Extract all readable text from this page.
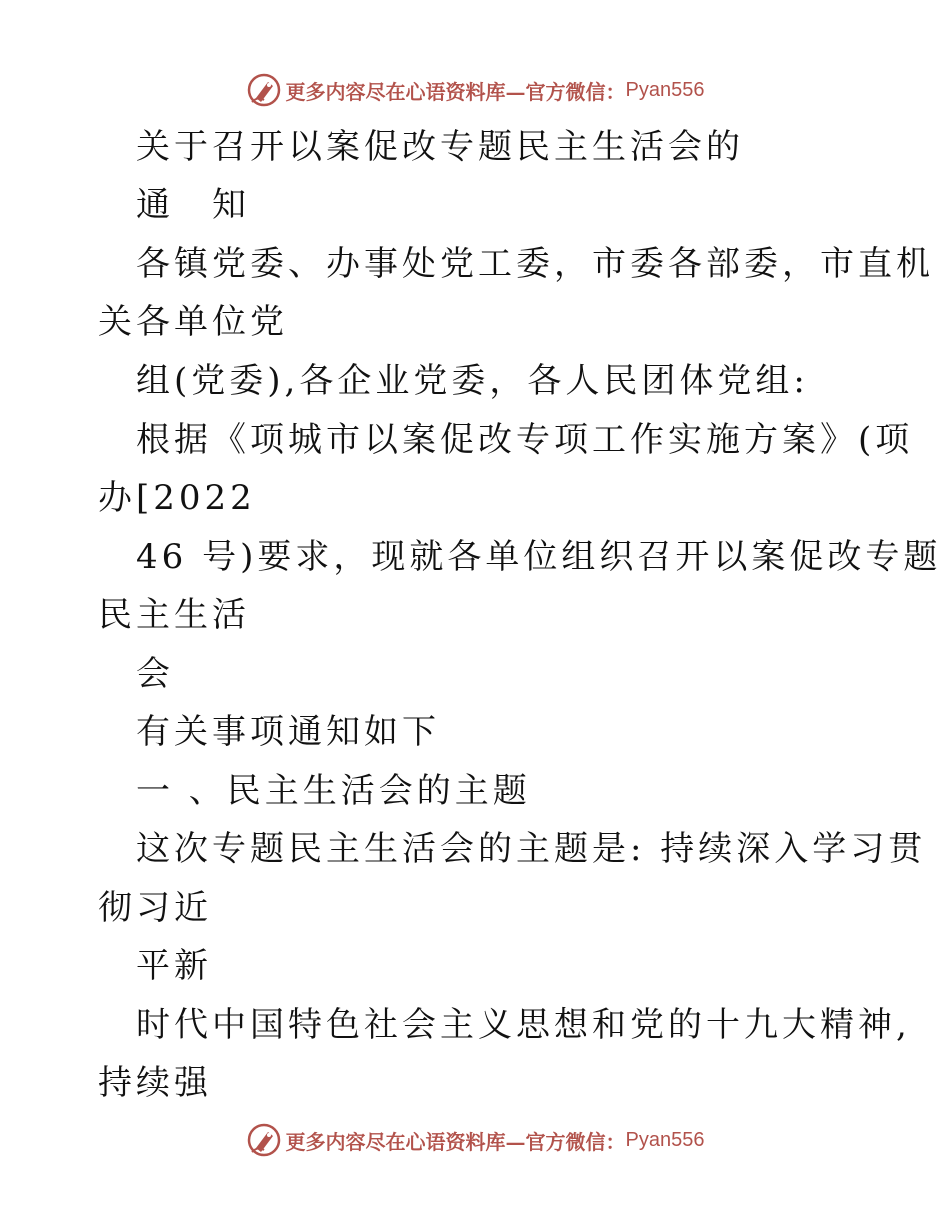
更多内容尽在心语资料库—官方微信： Pyan556
关于召开以案促改专题民主生活会的
通　知
各镇党委、办事处党工委，市委各部委，市直机
关各单位党
组(党委),各企业党委，各人民团体党组:
根据《项城市以案促改专项工作实施方案》(项
办[2022
46 号)要求，现就各单位组织召开以案促改专题
民主生活
会
有关事项通知如下
一 、民主生活会的主题
这次专题民主生活会的主题是: 持续深入学习贯
彻习近
平新
时代中国特色社会主义思想和党的十九大精神,
持续强
更多内容尽在心语资料库—官方微信： Pyan556
